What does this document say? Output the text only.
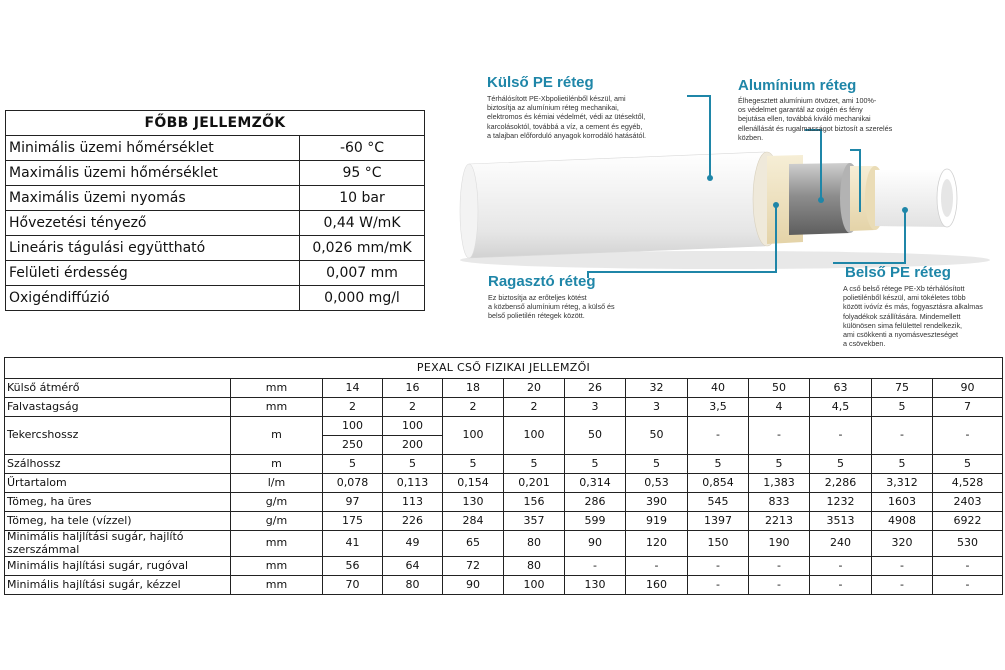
FŐBB JELLEMZŐK	
Minimális üzemi hőmérséklet	-60 °C
Maximális üzemi hőmérséklet	95 °C
Maximális üzemi nyomás	10 bar
Hővezetési tényező	0,44 W/mK
Lineáris tágulási együttható	0,026 mm/mK
Felületi érdesség	0,007 mm
Oxigéndiffúzió	0,000 mg/l
Külső PE réteg
Térhálósított PE-Xbpolietilénből készül, ami
biztosítja az alumínium réteg mechanikai,
elektromos és kémiai védelmét, védi az ütésektől,
karcolásoktól, továbbá a víz, a cement és egyéb,
a talajban előforduló anyagok korrodáló hatásától.
Alumínium réteg
Élhegesztett alumínium ötvözet, ami 100%-
os védelmet garantál az oxigén és fény
bejutása ellen, továbbá kiváló mechanikai
ellenállását és rugalmasságot biztosít a szerelés
közben.
Ragasztó réteg
Ez biztosítja az erőteljes kötést
a közbenső alumínium réteg, a külső és
belső polietilén rétegek között.
Belső PE réteg
A cső belső rétege PE-Xb térhálósított
polietilénből készül, ami tökéletes több
között ivóvíz és más, fogyasztásra alkalmas
folyadékok szállítására. Mindemellett
különösen sima felülettel rendelkezik,
ami csökkenti a nyomásveszteséget
a csövekben.
PEXAL CSŐ FIZIKAI JELLEMZŐI												
Külső átmérő	mm	14	16	18	20	26	32	40	50	63	75	90
Falvastagság	mm	2	2	2	2	3	3	3,5	4	4,5	5	7
Tekercshossz	m	100	100	100	100	50	50	-	-	-	-	-
		250	200									
Szálhossz	m	5	5	5	5	5	5	5	5	5	5	5
Űrtartalom	l/m	0,078	0,113	0,154	0,201	0,314	0,53	0,854	1,383	2,286	3,312	4,528
Tömeg, ha üres	g/m	97	113	130	156	286	390	545	833	1232	1603	2403
Tömeg, ha tele (vízzel)	g/m	175	226	284	357	599	919	1397	2213	3513	4908	6922
Minimális haljlítási sugár, hajlító szerszámmal	mm	41	49	65	80	90	120	150	190	240	320	530
Minimális hajlítási sugár, rugóval	mm	56	64	72	80	-	-	-	-	-	-	-
Minimális hajlítási sugár, kézzel	mm	70	80	90	100	130	160	-	-	-	-	-
